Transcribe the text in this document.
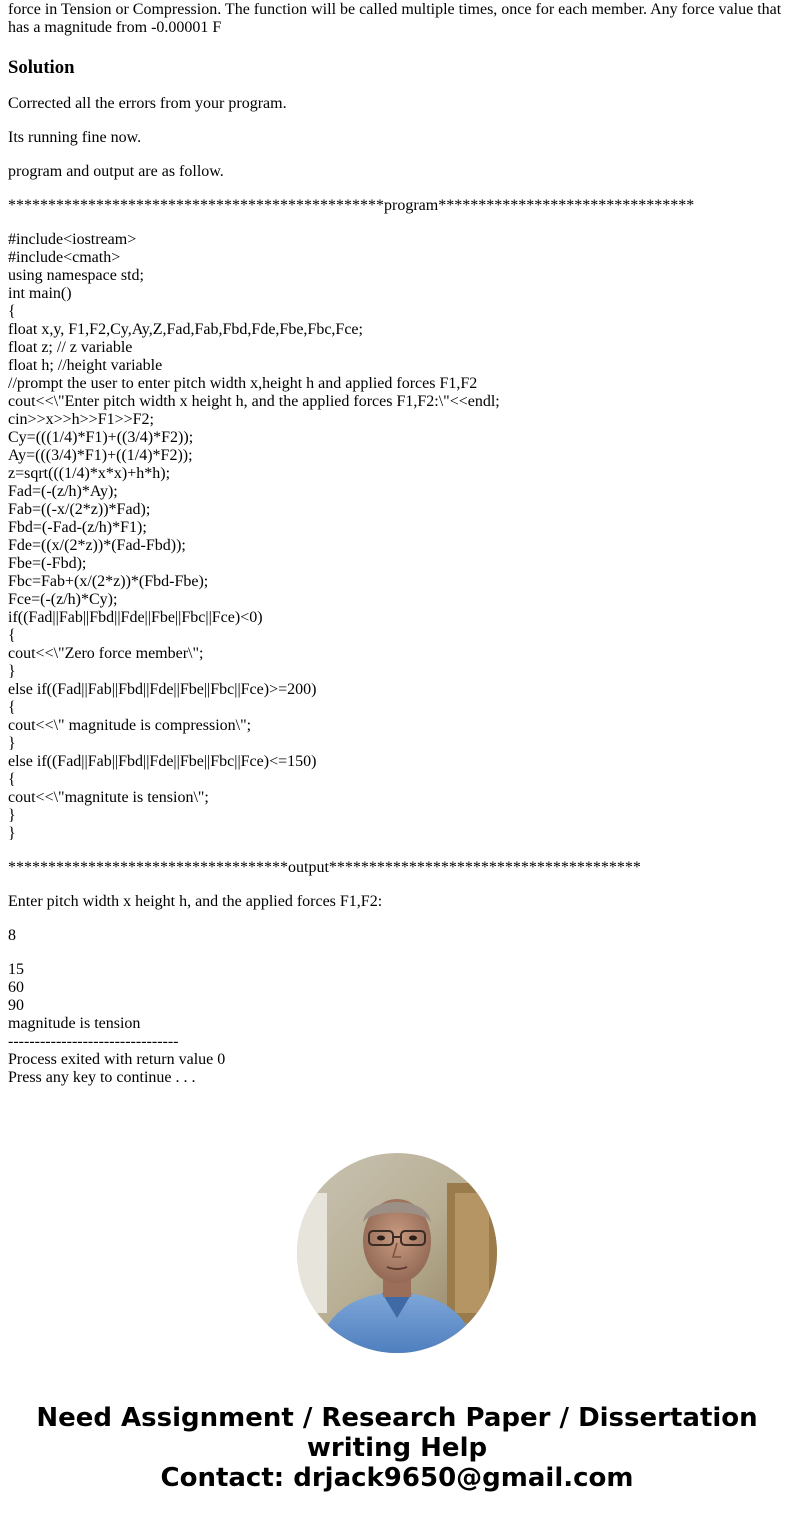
force in Tension or Compression. The function will be called multiple times, once for each member. Any force value that has a magnitude from -0.00001 F

Solution

Corrected all the errors from your program.

Its running fine now.

program and output are as follow.

***********************************************program********************************

#include<iostream>
#include<cmath>
using namespace std;
int main()
{
float x,y, F1,F2,Cy,Ay,Z,Fad,Fab,Fbd,Fde,Fbe,Fbc,Fce;
float z; // z variable
float h; //height variable
//prompt the user to enter pitch width x,height h and applied forces F1,F2
cout<<\"Enter pitch width x height h, and the applied forces F1,F2:\"<<endl;
cin>>x>>h>>F1>>F2;
Cy=(((1/4)*F1)+((3/4)*F2));
Ay=(((3/4)*F1)+((1/4)*F2));
z=sqrt(((1/4)*x*x)+h*h);
Fad=(-(z/h)*Ay);
Fab=((-x/(2*z))*Fad);
Fbd=(-Fad-(z/h)*F1);
Fde=((x/(2*z))*(Fad-Fbd));
Fbe=(-Fbd);
Fbc=Fab+(x/(2*z))*(Fbd-Fbe);
Fce=(-(z/h)*Cy);
if((Fad||Fab||Fbd||Fde||Fbe||Fbc||Fce)<0)
{
cout<<\"Zero force member\";
}
else if((Fad||Fab||Fbd||Fde||Fbe||Fbc||Fce)>=200)
{
cout<<\" magnitude is compression\";
}
else if((Fad||Fab||Fbd||Fde||Fbe||Fbc||Fce)<=150)
{
cout<<\"magnitute is tension\";
}
}

***********************************output***************************************

Enter pitch width x height h, and the applied forces F1,F2:

8

15
60
90
magnitude is tension
--------------------------------
Process exited with return value 0
Press any key to continue . . .
Need Assignment / Research Paper / Dissertation
writing Help
Contact: drjack9650@gmail.com
